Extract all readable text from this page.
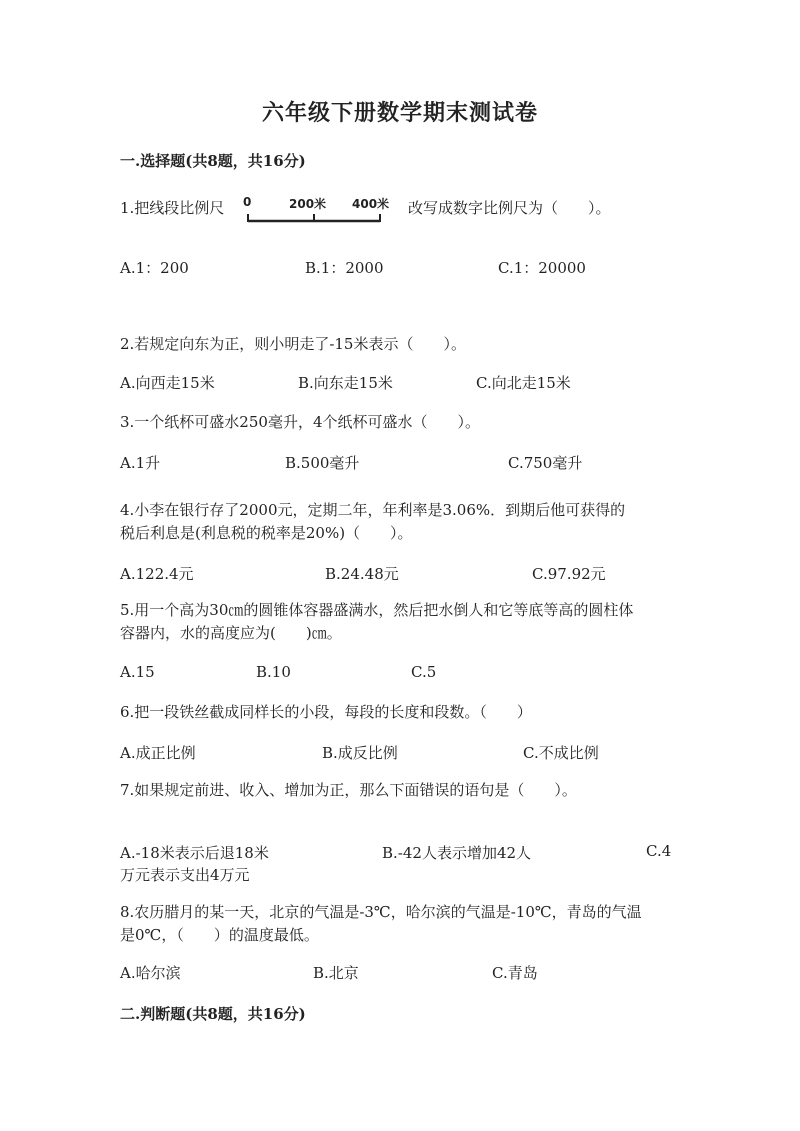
六年级下册数学期末测试卷
一.选择题(共8题，共16分)
1.把线段比例尺 0	200米 400米 改写成数字比例尺为（　　）。
A.1：200	B.1：2000	C.1：20000
2.若规定向东为正，则小明走了-15米表示（　　）。
A.向西走15米	B.向东走15米	C.向北走15米
3.一个纸杯可盛水250毫升，4个纸杯可盛水（　　）。
A.1升	B.500毫升	C.750毫升
4.小李在银行存了2000元，定期二年，年利率是3.06%．到期后他可获得的
税后利息是(利息税的税率是20%)（　　）。
A.122.4元	B.24.48元	C.97.92元
5.用一个高为30㎝的圆锥体容器盛满水，然后把水倒人和它等底等高的圆柱体
容器内，水的高度应为(　　)㎝。
A.15	B.10	C.5
6.把一段铁丝截成同样长的小段，每段的长度和段数。（　　）
A.成正比例	B.成反比例	C.不成比例
7.如果规定前进、收入、增加为正，那么下面错误的语句是（　　）。
A.-18米表示后退18米	B.-42人表示增加42人	C.4
万元表示支出4万元
8.农历腊月的某一天，北京的气温是-3℃，哈尔滨的气温是-10℃，青岛的气温
是0℃，（　　）的温度最低。
A.哈尔滨	B.北京	C.青岛
二.判断题(共8题，共16分)
